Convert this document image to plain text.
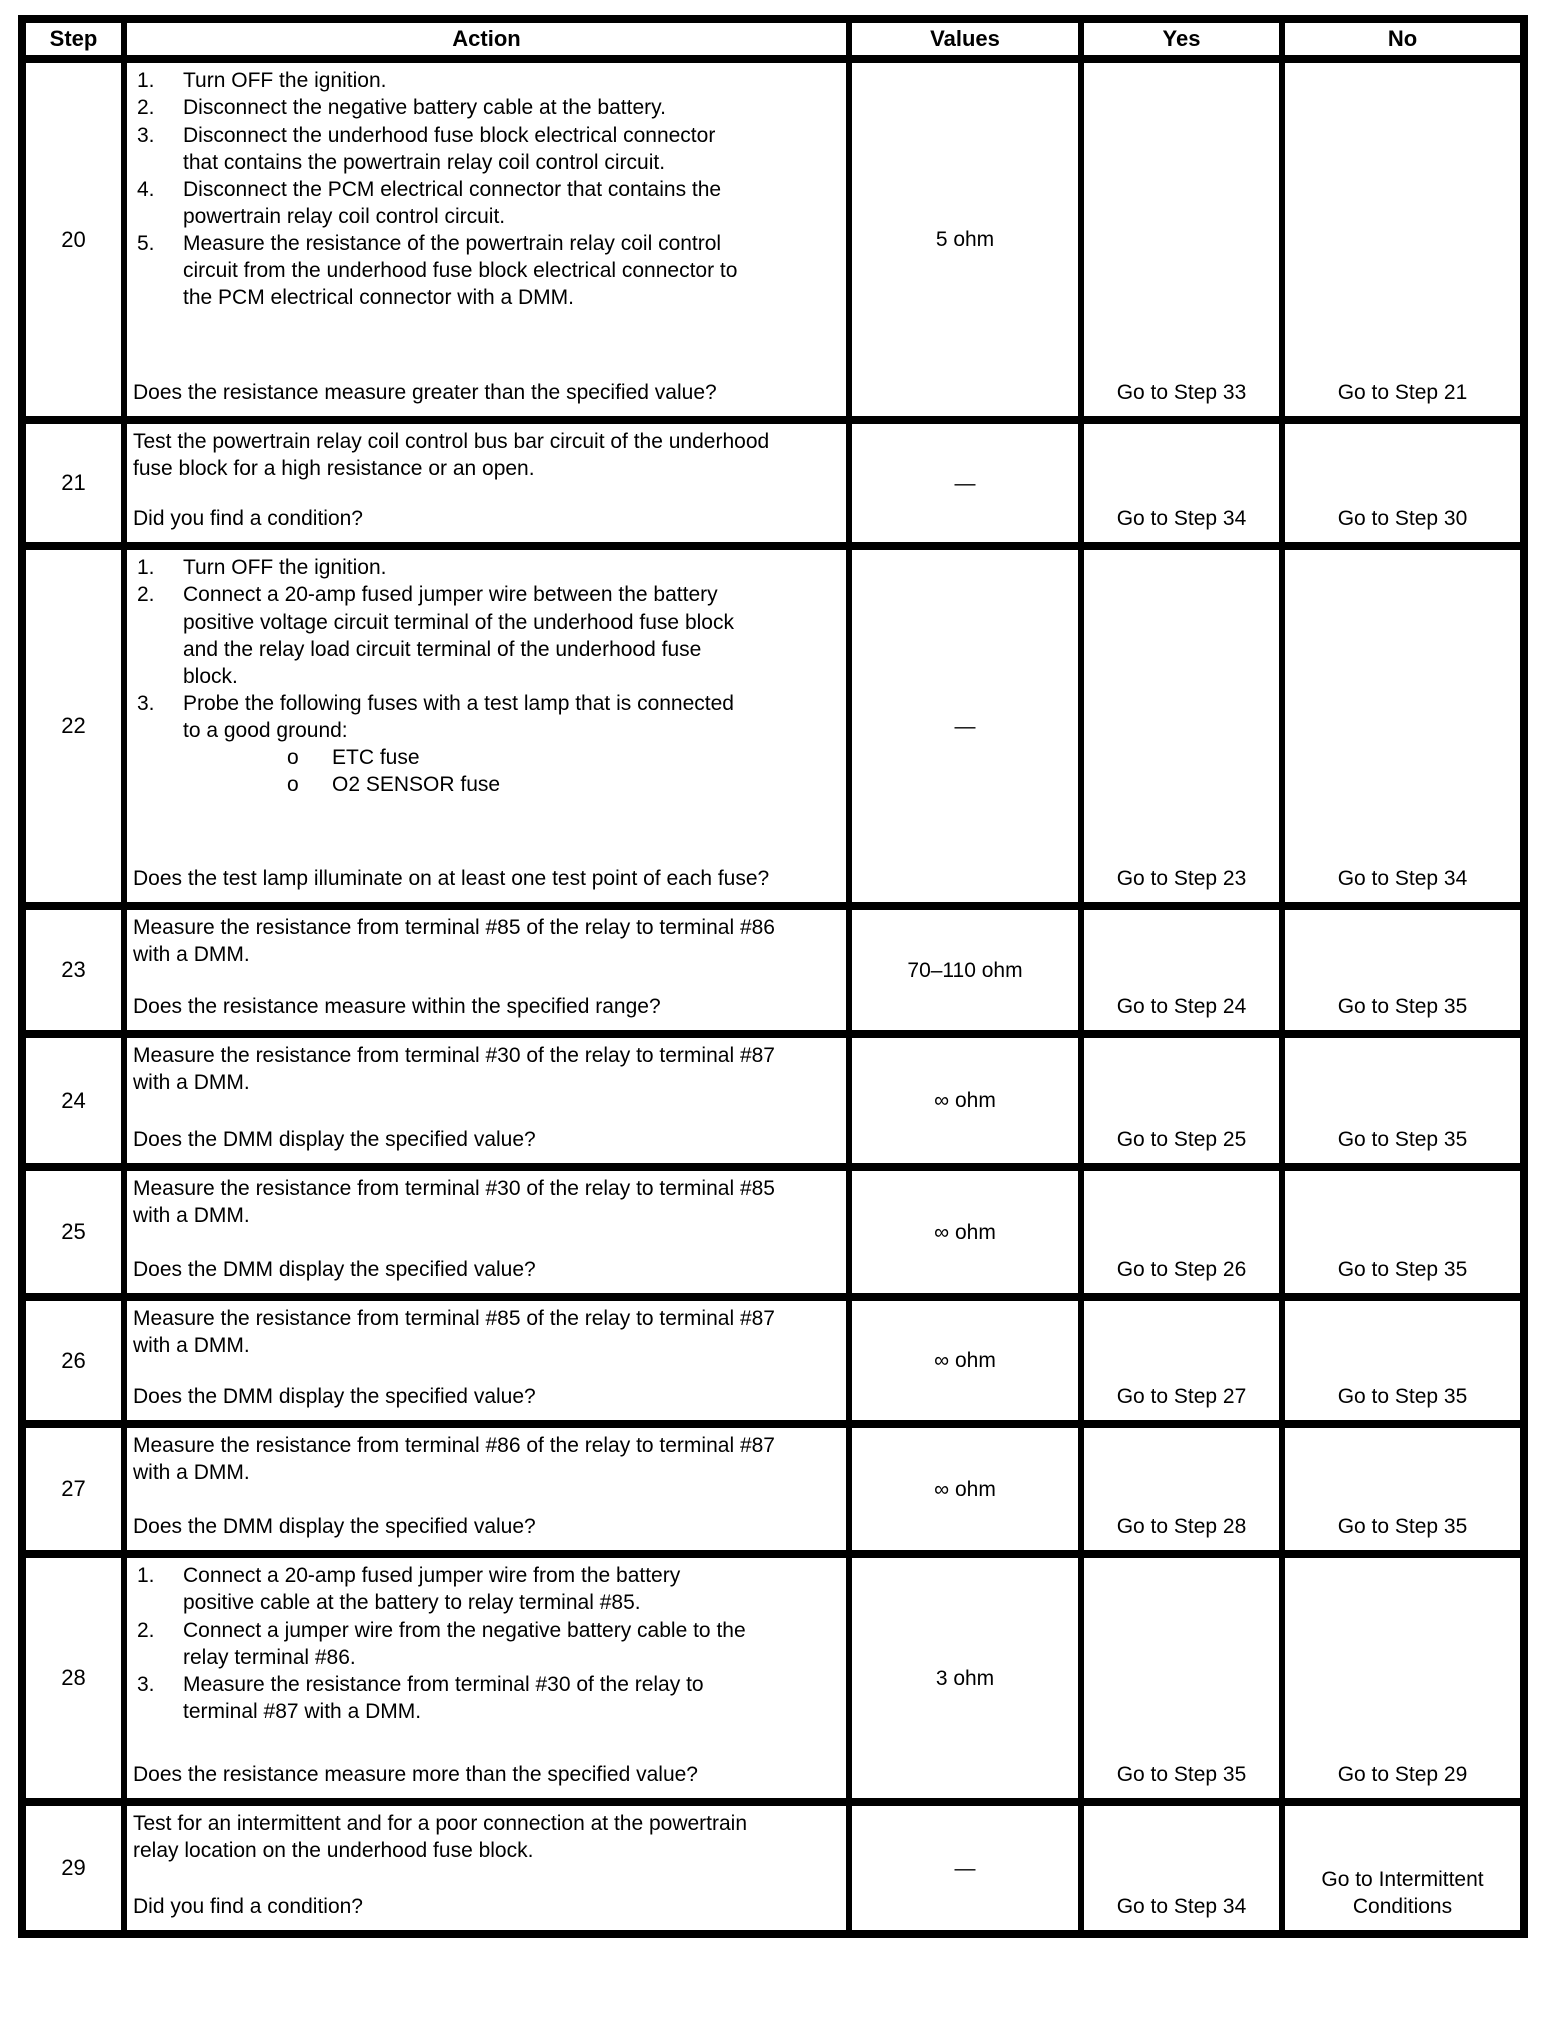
Step	Action	Values	Yes	No
20	
1.	Turn OFF the ignition.
2.	Disconnect the negative battery cable at the battery.
3.	Disconnect the underhood fuse block electrical connector that contains the powertrain relay coil control circuit.
4.	Disconnect the PCM electrical connector that contains the powertrain relay coil control circuit.
5.	Measure the resistance of the powertrain relay coil control circuit from the underhood fuse block electrical connector to the PCM electrical connector with a DMM.
Does the resistance measure greater than the specified value?
	5 ohm	Go to Step 33	Go to Step 21
21	Test the powertrain relay coil control bus bar circuit of the underhood fuse block for a high resistance or an open.

Did you find a condition?	—	Go to Step 34	Go to Step 30
22	
1.	Turn OFF the ignition.
2.	Connect a 20-amp fused jumper wire between the battery positive voltage circuit terminal of the underhood fuse block and the relay load circuit terminal of the underhood fuse block.
3.	Probe the following fuses with a test lamp that is connected to a good ground:
o	ETC fuse
o	O2 SENSOR fuse
Does the test lamp illuminate on at least one test point of each fuse?
	—	Go to Step 23	Go to Step 34
23	Measure the resistance from terminal #85 of the relay to terminal #86 with a DMM.

Does the resistance measure within the specified range?	70–110 ohm	Go to Step 24	Go to Step 35
24	Measure the resistance from terminal #30 of the relay to terminal #87 with a DMM.

Does the DMM display the specified value?	∞ ohm	Go to Step 25	Go to Step 35
25	Measure the resistance from terminal #30 of the relay to terminal #85 with a DMM.

Does the DMM display the specified value?	∞ ohm	Go to Step 26	Go to Step 35
26	Measure the resistance from terminal #85 of the relay to terminal #87 with a DMM.

Does the DMM display the specified value?	∞ ohm	Go to Step 27	Go to Step 35
27	Measure the resistance from terminal #86 of the relay to terminal #87 with a DMM.

Does the DMM display the specified value?	∞ ohm	Go to Step 28	Go to Step 35
28	
1.	Connect a 20-amp fused jumper wire from the battery positive cable at the battery to relay terminal #85.
2.	Connect a jumper wire from the negative battery cable to the relay terminal #86.
3.	Measure the resistance from terminal #30 of the relay to terminal #87 with a DMM.
Does the resistance measure more than the specified value?
	3 ohm	Go to Step 35	Go to Step 29
29	Test for an intermittent and for a poor connection at the powertrain relay location on the underhood fuse block.

Did you find a condition?	—	Go to Step 34	Go to Intermittent Conditions
